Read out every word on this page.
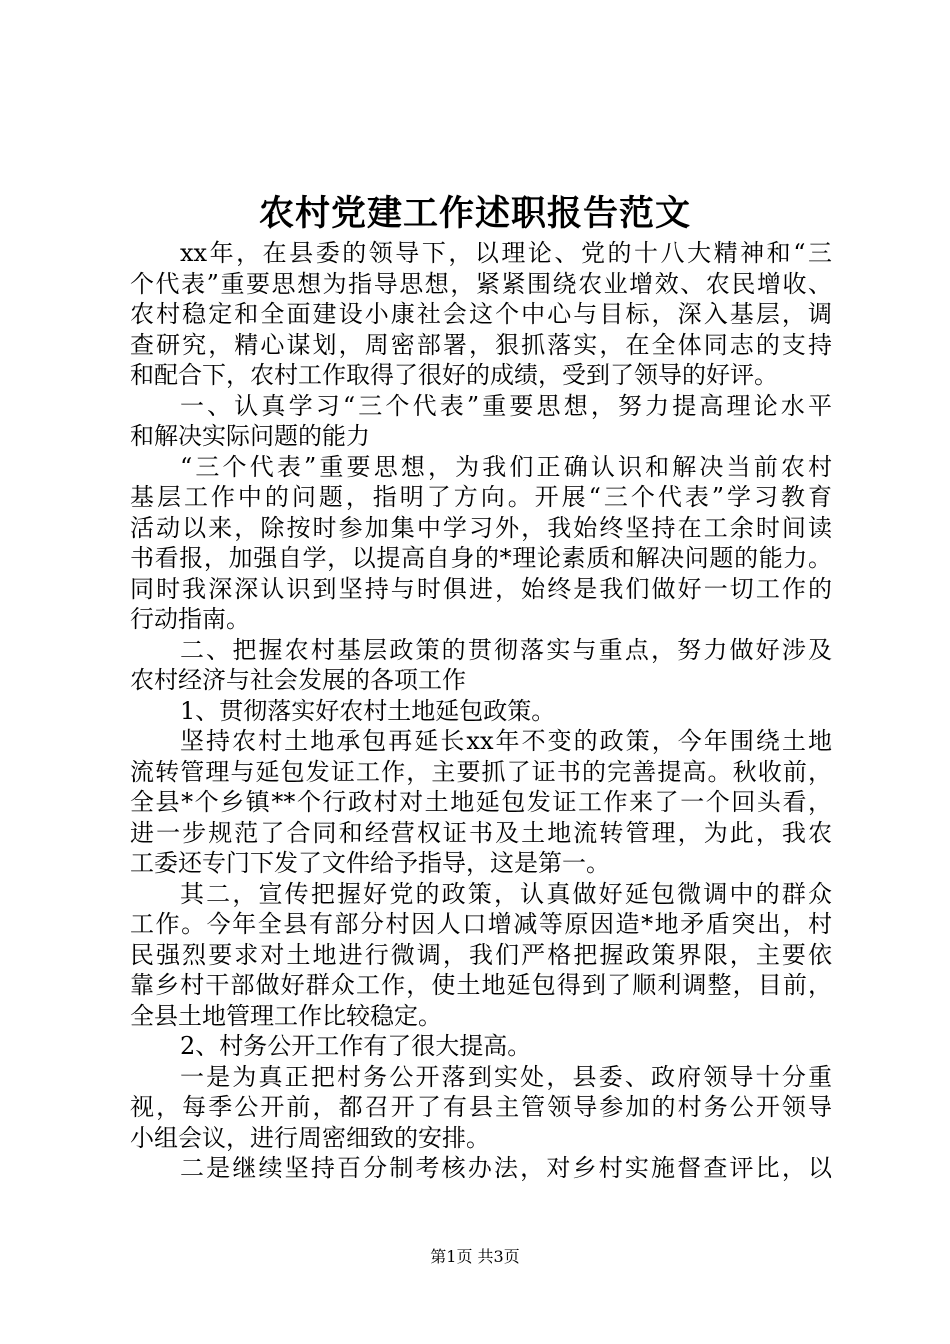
农村党建工作述职报告范文
xx年，在县委的领导下，以理论、党的十八大精神和“三
个代表”重要思想为指导思想，紧紧围绕农业增效、农民增收、
农村稳定和全面建设小康社会这个中心与目标，深入基层，调
查研究，精心谋划，周密部署，狠抓落实，在全体同志的支持
和配合下，农村工作取得了很好的成绩，受到了领导的好评。
一、认真学习“三个代表”重要思想，努力提高理论水平
和解决实际问题的能力
“三个代表”重要思想，为我们正确认识和解决当前农村
基层工作中的问题，指明了方向。开展“三个代表”学习教育
活动以来，除按时参加集中学习外，我始终坚持在工余时间读
书看报，加强自学，以提高自身的*理论素质和解决问题的能力。
同时我深深认识到坚持与时俱进，始终是我们做好一切工作的
行动指南。
二、把握农村基层政策的贯彻落实与重点，努力做好涉及
农村经济与社会发展的各项工作
1、贯彻落实好农村土地延包政策。
坚持农村土地承包再延长xx年不变的政策，今年围绕土地
流转管理与延包发证工作，主要抓了证书的完善提高。秋收前，
全县*个乡镇**个行政村对土地延包发证工作来了一个回头看，
进一步规范了合同和经营权证书及土地流转管理，为此，我农
工委还专门下发了文件给予指导，这是第一。
其二，宣传把握好党的政策，认真做好延包微调中的群众
工作。今年全县有部分村因人口增减等原因造*地矛盾突出，村
民强烈要求对土地进行微调，我们严格把握政策界限，主要依
靠乡村干部做好群众工作，使土地延包得到了顺利调整，目前，
全县土地管理工作比较稳定。
2、村务公开工作有了很大提高。
一是为真正把村务公开落到实处，县委、政府领导十分重
视，每季公开前，都召开了有县主管领导参加的村务公开领导
小组会议，进行周密细致的安排。
二是继续坚持百分制考核办法，对乡村实施督查评比，以
第1页 共3页
